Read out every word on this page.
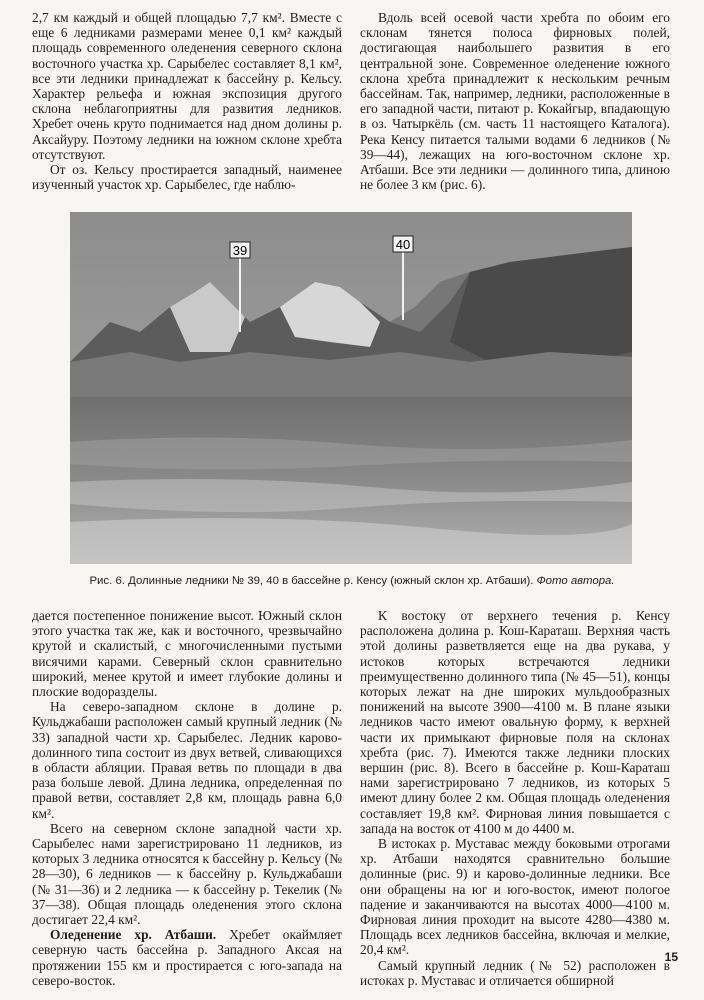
2,7 км каждый и общей площадью 7,7 км². Вместе с еще 6 ледниками размерами менее 0,1 км² каждый площадь современного оледенения северного склона восточного участка хр. Сарыбелес составляет 8,1 км², все эти ледники принадлежат к бассейну р. Кельсу. Характер рельефа и южная экспозиция другого склона неблагоприятны для развития ледников. Хребет очень круто поднимается над дном долины р. Аксайуру. Поэтому ледники на южном склоне хребта отсутствуют.

От оз. Кельсу простирается западный, наименее изученный участок хр. Сарыбелес, где наблю-

Вдоль всей осевой части хребта по обоим его склонам тянется полоса фирновых полей, достигающая наибольшего развития в его центральной зоне. Современное оледенение южного склона хребта принадлежит к нескольким речным бассейнам. Так, например, ледники, расположенные в его западной части, питают р. Кокайгыр, впадающую в оз. Чатыркёль (см. часть 11 настоящего Каталога). Река Кенсу питается талыми водами 6 ледников (№ 39—44), лежащих на юго-восточном склоне хр. Атбаши. Все эти ледники — долинного типа, длиною не более 3 км (рис. 6).

39	40
Рис. 6. Долинные ледники № 39, 40 в бассейне р. Кенсу (южный склон хр. Атбаши). Фото автора.

дается постепенное понижение высот. Южный склон этого участка так же, как и восточного, чрезвычайно крутой и скалистый, с многочисленными пустыми висячими карами. Северный склон сравнительно широкий, менее крутой и имеет глубокие долины и плоские водоразделы.

На северо-западном склоне в долине р. Кульджабаши расположен самый крупный ледник (№ 33) западной части хр. Сарыбелес. Ледник карово-долинного типа состоит из двух ветвей, сливающихся в области абляции. Правая ветвь по площади в два раза больше левой. Длина ледника, определенная по правой ветви, составляет 2,8 км, площадь равна 6,0 км².

Всего на северном склоне западной части хр. Сарыбелес нами зарегистрировано 11 ледников, из которых 3 ледника относятся к бассейну р. Кельсу (№ 28—30), 6 ледников — к бассейну р. Кульджабаши (№ 31—36) и 2 ледника — к бассейну р. Текелик (№ 37—38). Общая площадь оледенения этого склона достигает 22,4 км².

Оледенение хр. Атбаши. Хребет окаймляет северную часть бассейна р. Западного Аксая на протяжении 155 км и простирается с юго-запада на северо-восток.

К востоку от верхнего течения р. Кенсу расположена долина р. Кош-Караташ. Верхняя часть этой долины разветвляется еще на два рукава, у истоков которых встречаются ледники преимущественно долинного типа (№ 45—51), концы которых лежат на дне широких мульдообразных понижений на высоте 3900—4100 м. В плане языки ледников часто имеют овальную форму, к верхней части их примыкают фирновые поля на склонах хребта (рис. 7). Имеются также ледники плоских вершин (рис. 8). Всего в бассейне р. Кош-Караташ нами зарегистрировано 7 ледников, из которых 5 имеют длину более 2 км. Общая площадь оледенения составляет 19,8 км². Фирновая линия повышается с запада на восток от 4100 м до 4400 м.

В истоках р. Муставас между боковыми отрогами хр. Атбаши находятся сравнительно большие долинные (рис. 9) и карово-долинные ледники. Все они обращены на юг и юго-восток, имеют пологое падение и заканчиваются на высотах 4000—4100 м. Фирновая линия проходит на высоте 4280—4380 м. Площадь всех ледников бассейна, включая и мелкие, 20,4 км².

Самый крупный ледник (№ 52) расположен в истоках р. Муставас и отличается обширной

15
